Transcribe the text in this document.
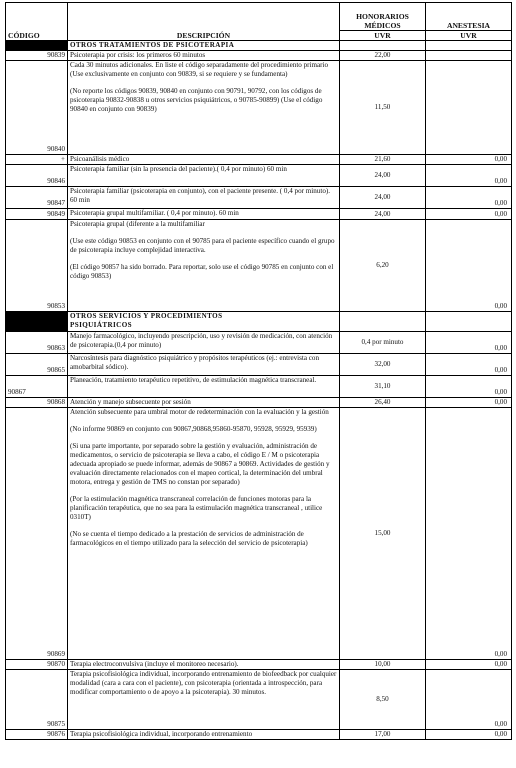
CÓDIGO	DESCRIPCIÓN	HONORARIOS
MÉDICOS	ANESTESIA
		UVR	UVR
	OTROS TRATAMIENTOS DE PSICOTERAPIA		
90839	Psicoterapia por crisis: los primeros 60 minutos	22,00	
90840	Cada 30 minutos adicionales. En liste el código separadamente del procedimiento primario (Use exclusivamente en conjunto con 90839, si se requiere y se fundamenta)
(No reporte los códigos 90839, 90840 en conjunto con 90791, 90792, con los códigos de psicoterapia 90832-90838 u otros servicios psiquiátricos, o 90785-90899) (Use el código 90840 en conjunto con 90839)	11,50	
+	Psicoanálisis médico	21,60	0,00
90846	Psicoterapia familiar (sin la presencia del paciente).( 0,4 por minuto) 60 min	24,00	0,00
90847	Psicoterapia familiar (psicoterapia en conjunto), con el paciente presente. ( 0,4 por minuto). 60 min	24,00	0,00
90849	Psicoterapia grupal multifamiliar. ( 0,4 por minuto). 60 min	24,00	0,00
90853	Psicoterapia grupal (diferente a la multifamiliar
(Use este código 90853 en conjunto con el 90785 para el paciente específico cuando el grupo de psicoterapia incluye complejidad interactiva.
(El código 90857 ha sido borrado. Para reportar, solo use el código 90785 en conjunto con el código 90853)	6,20	0,00
	OTROS SERVICIOS Y PROCEDIMIENTOS
PSIQUIÁTRICOS		
90863	Manejo farmacológico, incluyendo prescripción, uso y revisión de medicación, con atención de psicoterapia.(0,4 por minuto)	0,4 por minuto	0,00
90865	Narcosíntesis para diagnóstico psiquiátrico y propósitos terapéuticos (ej.: entrevista con amobarbital sódico).	32,00	0,00
90867	Planeación, tratamiento terapéutico repetitivo, de estimulación magnética transcraneal.	31,10	0,00
90868	Atención y manejo subsecuente por sesión	26,40	0,00
90869	Atención subsecuente para umbral motor de redeterminación con la evaluación y la gestión
(No informe 90869 en conjunto con 90867,90868,95860-95870, 95928, 95929, 95939)
(Si una parte importante, por separado sobre la gestión y evaluación, administración de medicamentos, o servicio de psicoterapia se lleva a cabo, el código E / M o psicoterapia adecuada apropiado se puede informar, además de 90867 a 90869. Actividades de gestión y evaluación directamente relacionados con el mapeo cortical, la determinación del umbral motora, entrega y gestión de TMS no constan por separado)
(Por la estimulación magnética transcraneal correlación de funciones motoras para la planificación terapéutica, que no sea para la estimulación magnética transcraneal , utilice 0310T)
(No se cuenta el tiempo dedicado a la prestación de servicios de administración de farmacológicos en el tiempo utilizado para la selección del servicio de psicoterapia)	15,00	0,00
90870	Terapia electroconvulsiva (incluye el monitoreo necesario).	10,00	0,00
90875	Terapia psicofisiológica individual, incorporando entrenamiento de biofeedback por cualquier modalidad (cara a cara con el paciente), con psicoterapia (orientada a introspección, para modificar comportamiento o de apoyo a la psicoterapia). 30 minutos.	8,50	0,00
90876	Terapia psicofisiológica individual, incorporando entrenamiento	17,00	0,00
